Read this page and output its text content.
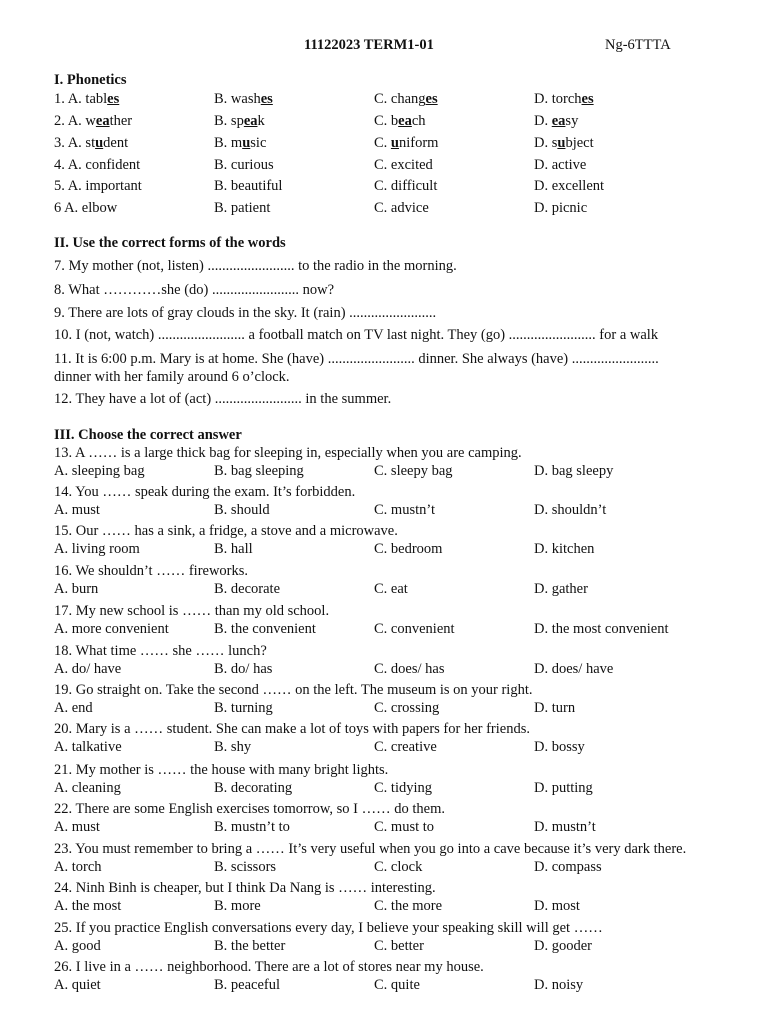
11122023 TERM1-01	Ng-6TTTA
I. Phonetics
1. A. tables	B. washes	C. changes	D. torches
2. A. weather	B. speak	C. beach	D. easy
3. A. student	B. music	C. uniform	D. subject
4. A. confident	B. curious	C. excited	D. active
5. A. important	B. beautiful	C. difficult	D. excellent
6 A. elbow	B. patient	C. advice	D. picnic
II. Use the correct forms of the words
7. My mother (not, listen) ........................ to the radio in the morning.
8. What …………she (do) ........................ now?
9. There are lots of gray clouds in the sky. It (rain) ........................
10. I (not, watch) ........................ a football match on TV last night. They (go) ........................ for a walk
11. It is 6:00 p.m. Mary is at home. She (have) ........................ dinner. She always (have) ........................ dinner with her family around 6 o’clock.
12. They have a lot of (act) ........................ in the summer.
III. Choose the correct answer
13. A …… is a large thick bag for sleeping in, especially when you are camping.
A. sleeping bag	B. bag sleeping	C. sleepy bag	D. bag sleepy
14. You …… speak during the exam. It’s forbidden.
A. must	B. should	C. mustn’t	D. shouldn’t
15. Our …… has a sink, a fridge, a stove and a microwave.
A. living room	B. hall	C. bedroom	D. kitchen
16. We shouldn’t …… fireworks.
A. burn	B. decorate	C. eat	D. gather
17. My new school is …… than my old school.
A. more convenient	B. the convenient	C. convenient	D. the most convenient
18. What time …… she …… lunch?
A. do/ have	B. do/ has	C. does/ has	D. does/ have
19. Go straight on. Take the second …… on the left. The museum is on your right.
A. end	B. turning	C. crossing	D. turn
20. Mary is a …… student. She can make a lot of toys with papers for her friends.
A. talkative	B. shy	C. creative	D. bossy
21. My mother is …… the house with many bright lights.
A. cleaning	B. decorating	C. tidying	D. putting
22. There are some English exercises tomorrow, so I …… do them.
A. must	B. mustn’t to	C. must to	D. mustn’t
23. You must remember to bring a …… It’s very useful when you go into a cave because it’s very dark there.
A. torch	B. scissors	C. clock	D. compass
24. Ninh Binh is cheaper, but I think Da Nang is …… interesting.
A. the most	B. more	C. the more	D. most
25. If you practice English conversations every day, I believe your speaking skill will get ……
A. good	B. the better	C. better	D. gooder
26. I live in a …… neighborhood. There are a lot of stores near my house.
A. quiet	B. peaceful	C. quite	D. noisy
